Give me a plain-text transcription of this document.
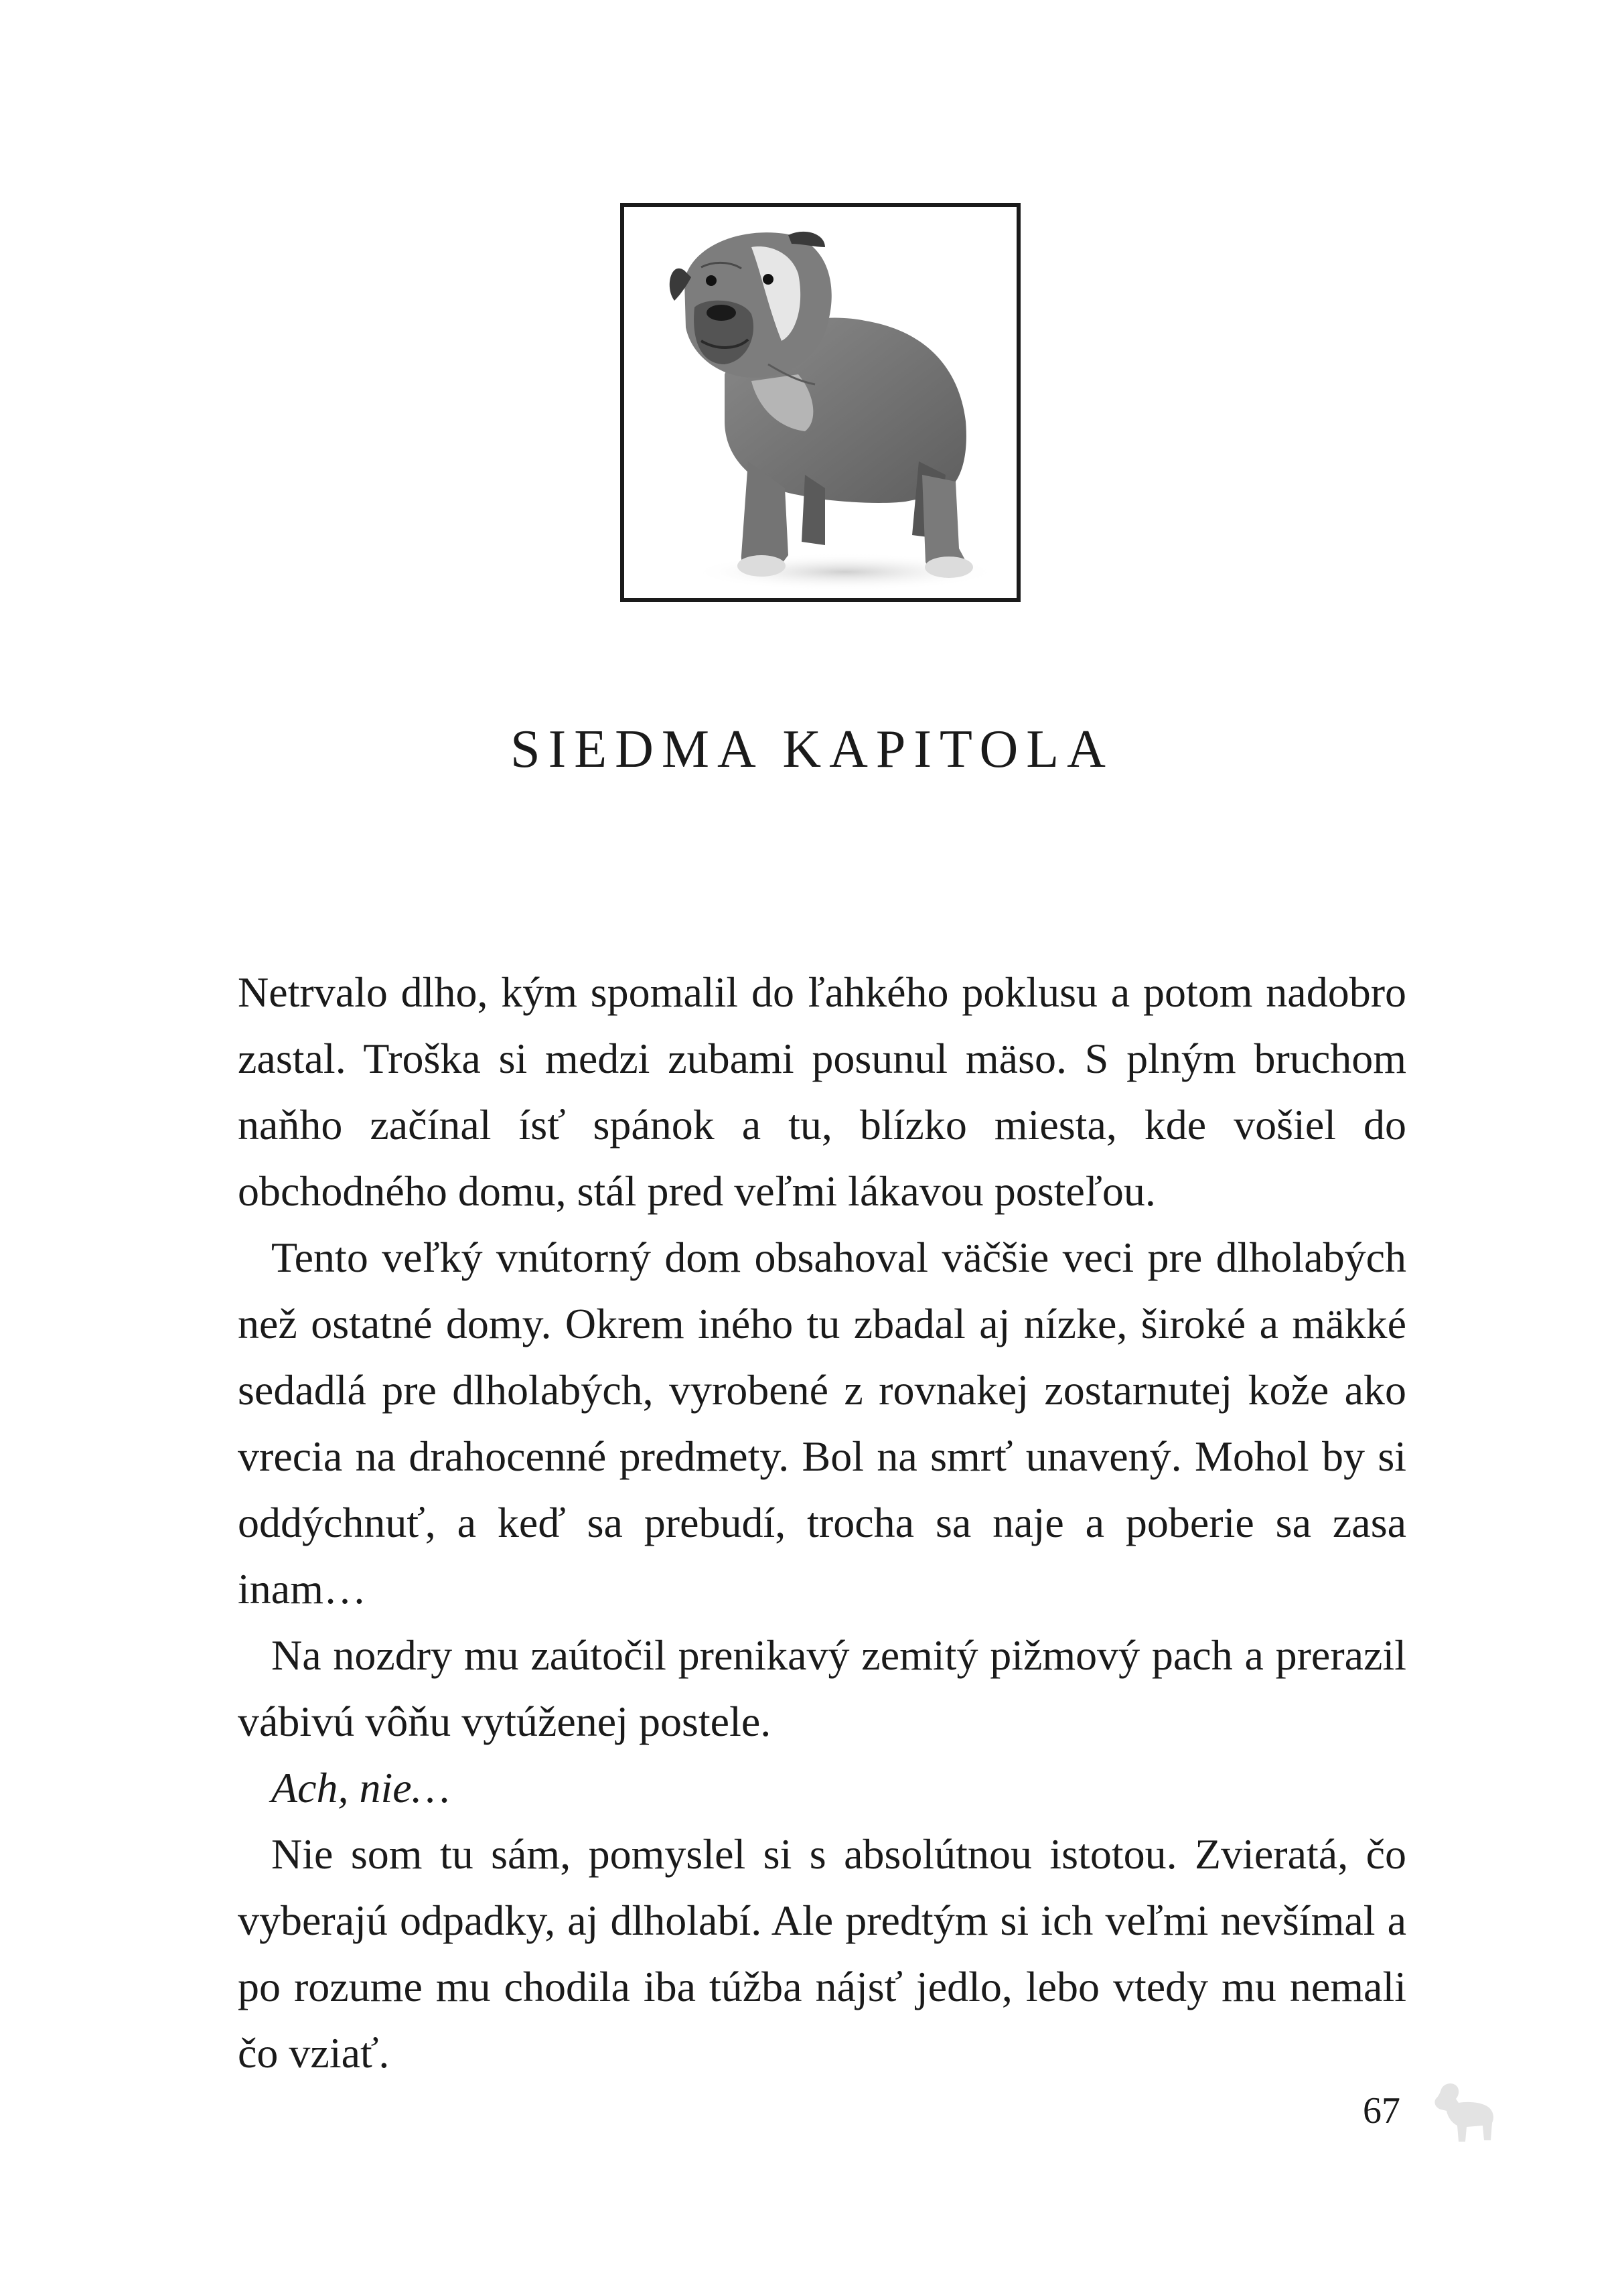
SIEDMA KAPITOLA

Netrvalo dlho, kým spomalil do ľahkého poklusu a potom nadobro zastal. Troška si medzi zubami posunul mäso. S plným bruchom naňho začínal ísť spánok a tu, blízko miesta, kde vošiel do obchodného domu, stál pred veľmi lákavou posteľou.

Tento veľký vnútorný dom obsahoval väčšie veci pre dlholabých než ostatné domy. Okrem iného tu zbadal aj nízke, široké a mäkké sedadlá pre dlholabých, vyrobené z rovnakej zostarnutej kože ako vrecia na drahocenné predmety. Bol na smrť unavený. Mohol by si oddýchnuť, a keď sa prebudí, trocha sa naje a poberie sa zasa inam…

Na nozdry mu zaútočil prenikavý zemitý pižmový pach a prerazil vábivú vôňu vytúženej postele.

Ach, nie…

Nie som tu sám, pomyslel si s absolútnou istotou. Zvieratá, čo vyberajú odpadky, aj dlholabí. Ale predtým si ich veľmi nevšímal a po rozume mu chodila iba túžba nájsť jedlo, lebo vtedy mu nemali čo vziať.

67
